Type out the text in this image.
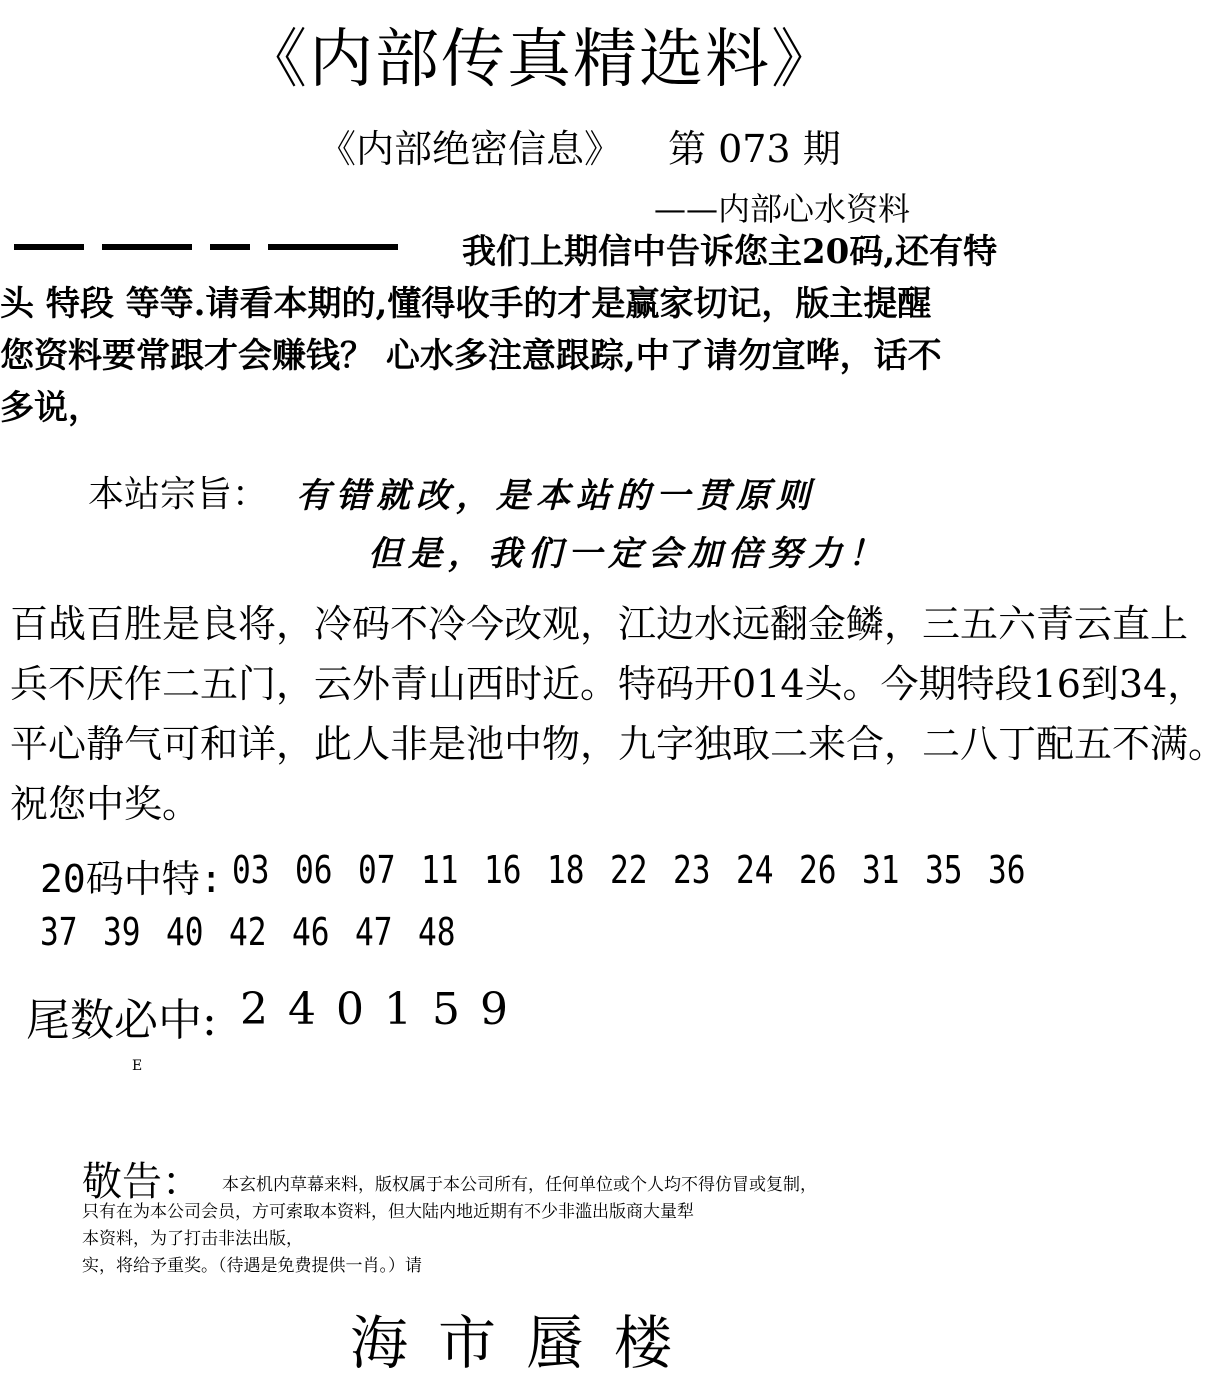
《内部传真精选料》
《内部绝密信息》 第 073 期
——内部心水资料
我们上期信中告诉您主20码,还有特
头 特段 等等.请看本期的,懂得收手的才是赢家切记，版主提醒
您资料要常跟才会赚钱？ 心水多注意跟踪,中了请勿宣哗，话不
多说，
本站宗旨： 有错就改，是本站的一贯原则
但是，我们一定会加倍努力！
百战百胜是良将，冷码不冷今改观，江边水远翻金鳞，三五六青云直上
兵不厌作二五门，云外青山西时近。特码开014头。今期特段16到34，
平心静气可和详，此人非是池中物，九字独取二来合，二八丁配五不满。
祝您中奖。
20码中特: 03 06 07 11 16 18 22 23 24 26 31 35 36
37 39 40 42 46 47 48
尾数必中: 2 4 0 1 5 9
E
敬告：	本玄机内草幕来料，版权属于本公司所有，任何单位或个人均不得仿冒或复制，
只有在为本公司会员，方可索取本资料，但大陆内地近期有不少非滥出版商大量犁
本资料，为了打击非法出版，
实，将给予重奖。（待遇是免费提供一肖。）请
海市蜃楼
